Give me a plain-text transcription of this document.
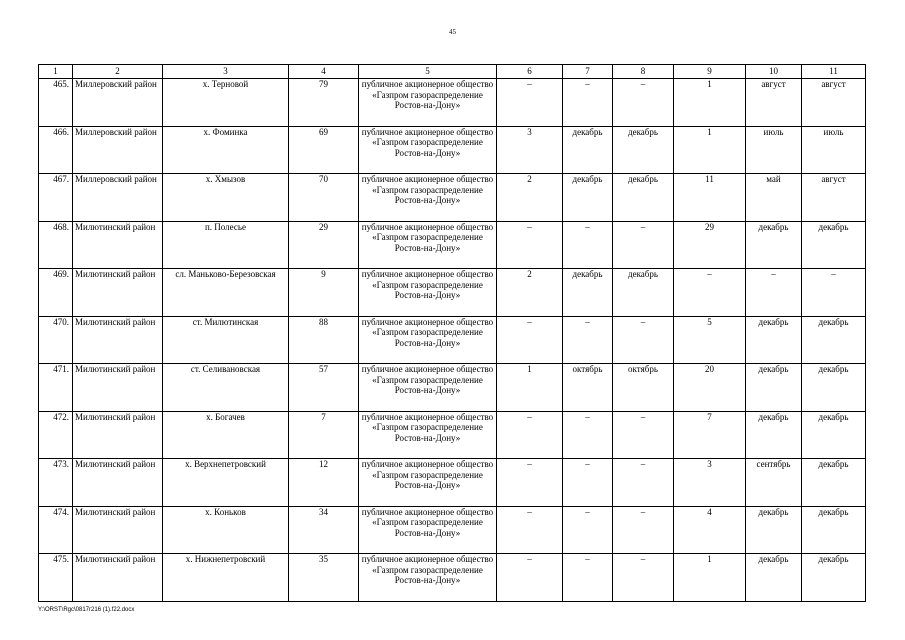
45
1	2	3	4	5	6	7	8	9	10	11
465.	Миллеровский район	х. Терновой	79	публичное акционерное общество «Газпром газораспределение Ростов-на-Дону»	–	–	–	1	август	август
466.	Миллеровский район	х. Фоминка	69	публичное акционерное общество «Газпром газораспределение Ростов-на-Дону»	3	декабрь	декабрь	1	июль	июль
467.	Миллеровский район	х. Хмызов	70	публичное акционерное общество «Газпром газораспределение Ростов-на-Дону»	2	декабрь	декабрь	11	май	август
468.	Милютинский район	п. Полесье	29	публичное акционерное общество «Газпром газораспределение Ростов-на-Дону»	–	–	–	29	декабрь	декабрь
469.	Милютинский район	сл. Маньково-Березовская	9	публичное акционерное общество «Газпром газораспределение Ростов-на-Дону»	2	декабрь	декабрь	–	–	–
470.	Милютинский район	ст. Милютинская	88	публичное акционерное общество «Газпром газораспределение Ростов-на-Дону»	–	–	–	5	декабрь	декабрь
471.	Милютинский район	ст. Селивановская	57	публичное акционерное общество «Газпром газораспределение Ростов-на-Дону»	1	октябрь	октябрь	20	декабрь	декабрь
472.	Милютинский район	х. Богачев	7	публичное акционерное общество «Газпром газораспределение Ростов-на-Дону»	–	–	–	7	декабрь	декабрь
473.	Милютинский район	х. Верхнепетровский	12	публичное акционерное общество «Газпром газораспределение Ростов-на-Дону»	–	–	–	3	сентябрь	декабрь
474.	Милютинский район	х. Коньков	34	публичное акционерное общество «Газпром газораспределение Ростов-на-Дону»	–	–	–	4	декабрь	декабрь
475.	Милютинский район	х. Нижнепетровский	35	публичное акционерное общество «Газпром газораспределение Ростов-на-Дону»	–	–	–	1	декабрь	декабрь
Y:\ORST\Rgc\0817r216 (1).f22.docx
